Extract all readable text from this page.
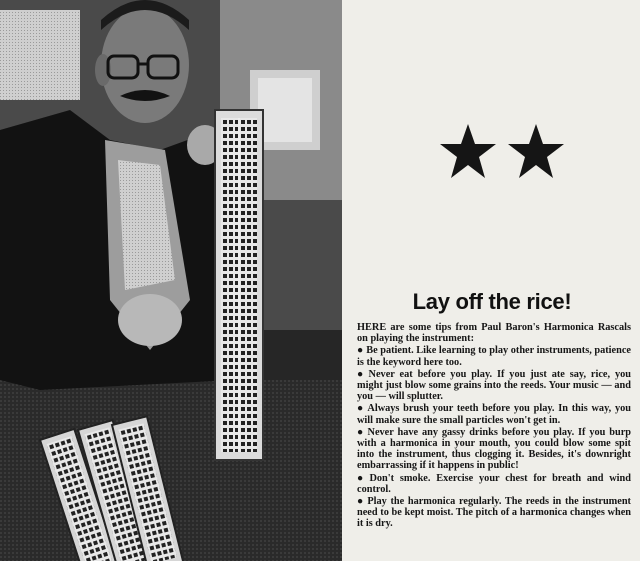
Lay off the rice!

HERE are some tips from Paul Baron's Harmonica Rascals on playing the instrument:

● Be patient. Like learning to play other instruments, patience is the keyword here too.

● Never eat before you play. If you just ate say, rice, you might just blow some grains into the reeds. Your music — and you — will splutter.

● Always brush your teeth before you play. In this way, you will make sure the small particles won't get in.

● Never have any gassy drinks before you play. If you burp with a harmonica in your mouth, you could blow some spit into the instrument, thus clogging it. Besides, it's downright embarrassing if it happens in public!

● Don't smoke. Exercise your chest for breath and wind control.

● Play the harmonica regularly. The reeds in the instrument need to be kept moist. The pitch of a harmonica changes when it is dry.
